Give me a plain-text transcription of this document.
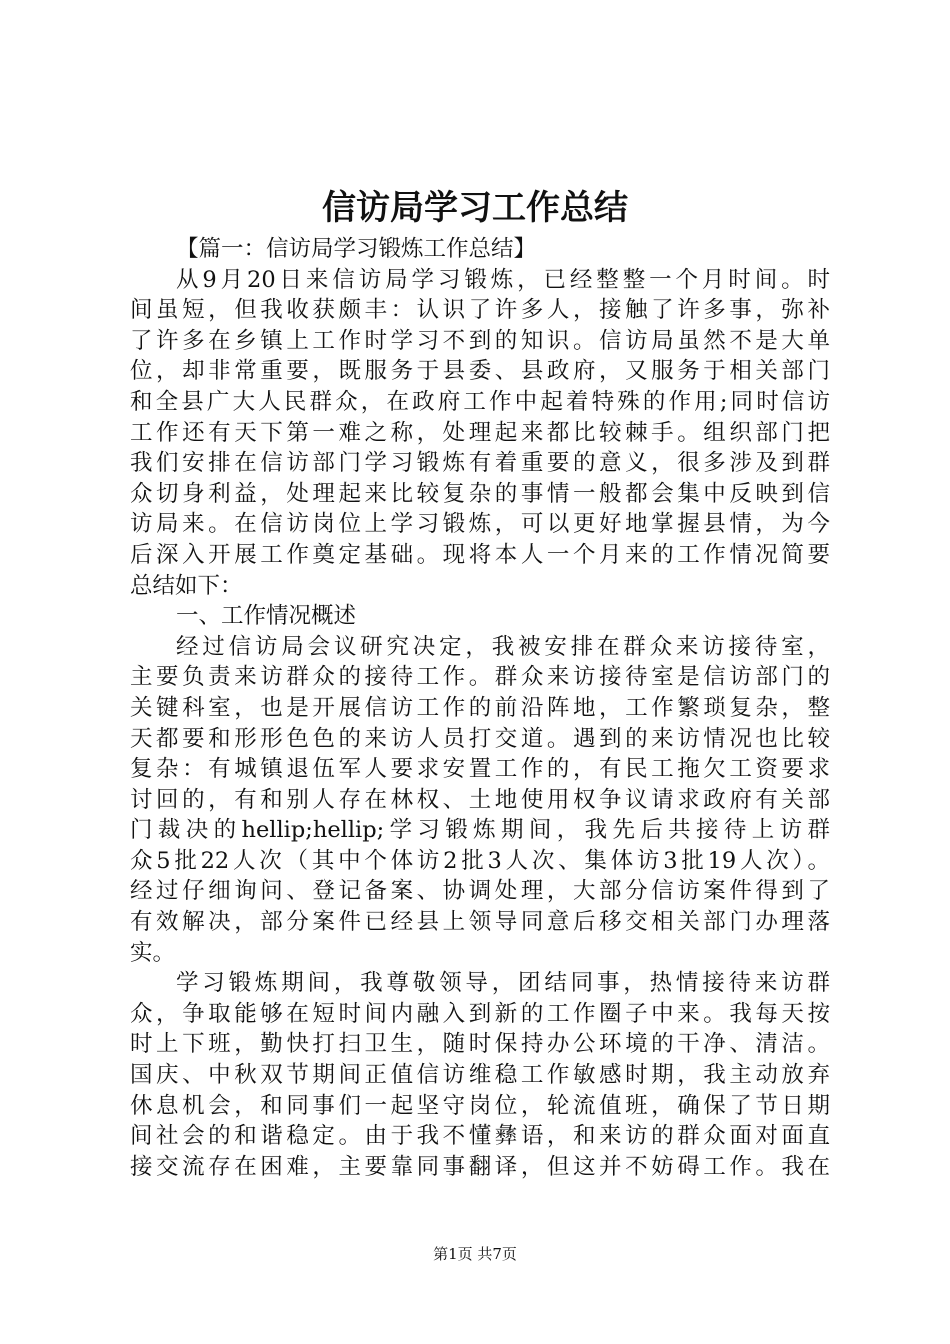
信访局学习工作总结
【篇一：信访局学习锻炼工作总结】
从9月20日来信访局学习锻炼，已经整整一个月时间。时
间虽短，但我收获颇丰：认识了许多人，接触了许多事，弥补
了许多在乡镇上工作时学习不到的知识。信访局虽然不是大单
位，却非常重要，既服务于县委、县政府，又服务于相关部门
和全县广大人民群众，在政府工作中起着特殊的作用;同时信访
工作还有天下第一难之称，处理起来都比较棘手。组织部门把
我们安排在信访部门学习锻炼有着重要的意义，很多涉及到群
众切身利益，处理起来比较复杂的事情一般都会集中反映到信
访局来。在信访岗位上学习锻炼，可以更好地掌握县情，为今
后深入开展工作奠定基础。现将本人一个月来的工作情况简要
总结如下：
一、工作情况概述
经过信访局会议研究决定，我被安排在群众来访接待室，
主要负责来访群众的接待工作。群众来访接待室是信访部门的
关键科室，也是开展信访工作的前沿阵地，工作繁琐复杂，整
天都要和形形色色的来访人员打交道。遇到的来访情况也比较
复杂：有城镇退伍军人要求安置工作的，有民工拖欠工资要求
讨回的，有和别人存在林权、土地使用权争议请求政府有关部
门裁决的hellip;hellip;学习锻炼期间，我先后共接待上访群
众5批22人次（其中个体访2批3人次、集体访3批19人次）。
经过仔细询问、登记备案、协调处理，大部分信访案件得到了
有效解决，部分案件已经县上领导同意后移交相关部门办理落
实。
学习锻炼期间，我尊敬领导，团结同事，热情接待来访群
众，争取能够在短时间内融入到新的工作圈子中来。我每天按
时上下班，勤快打扫卫生，随时保持办公环境的干净、清洁。
国庆、中秋双节期间正值信访维稳工作敏感时期，我主动放弃
休息机会，和同事们一起坚守岗位，轮流值班，确保了节日期
间社会的和谐稳定。由于我不懂彝语，和来访的群众面对面直
接交流存在困难，主要靠同事翻译，但这并不妨碍工作。我在
第1页 共7页
